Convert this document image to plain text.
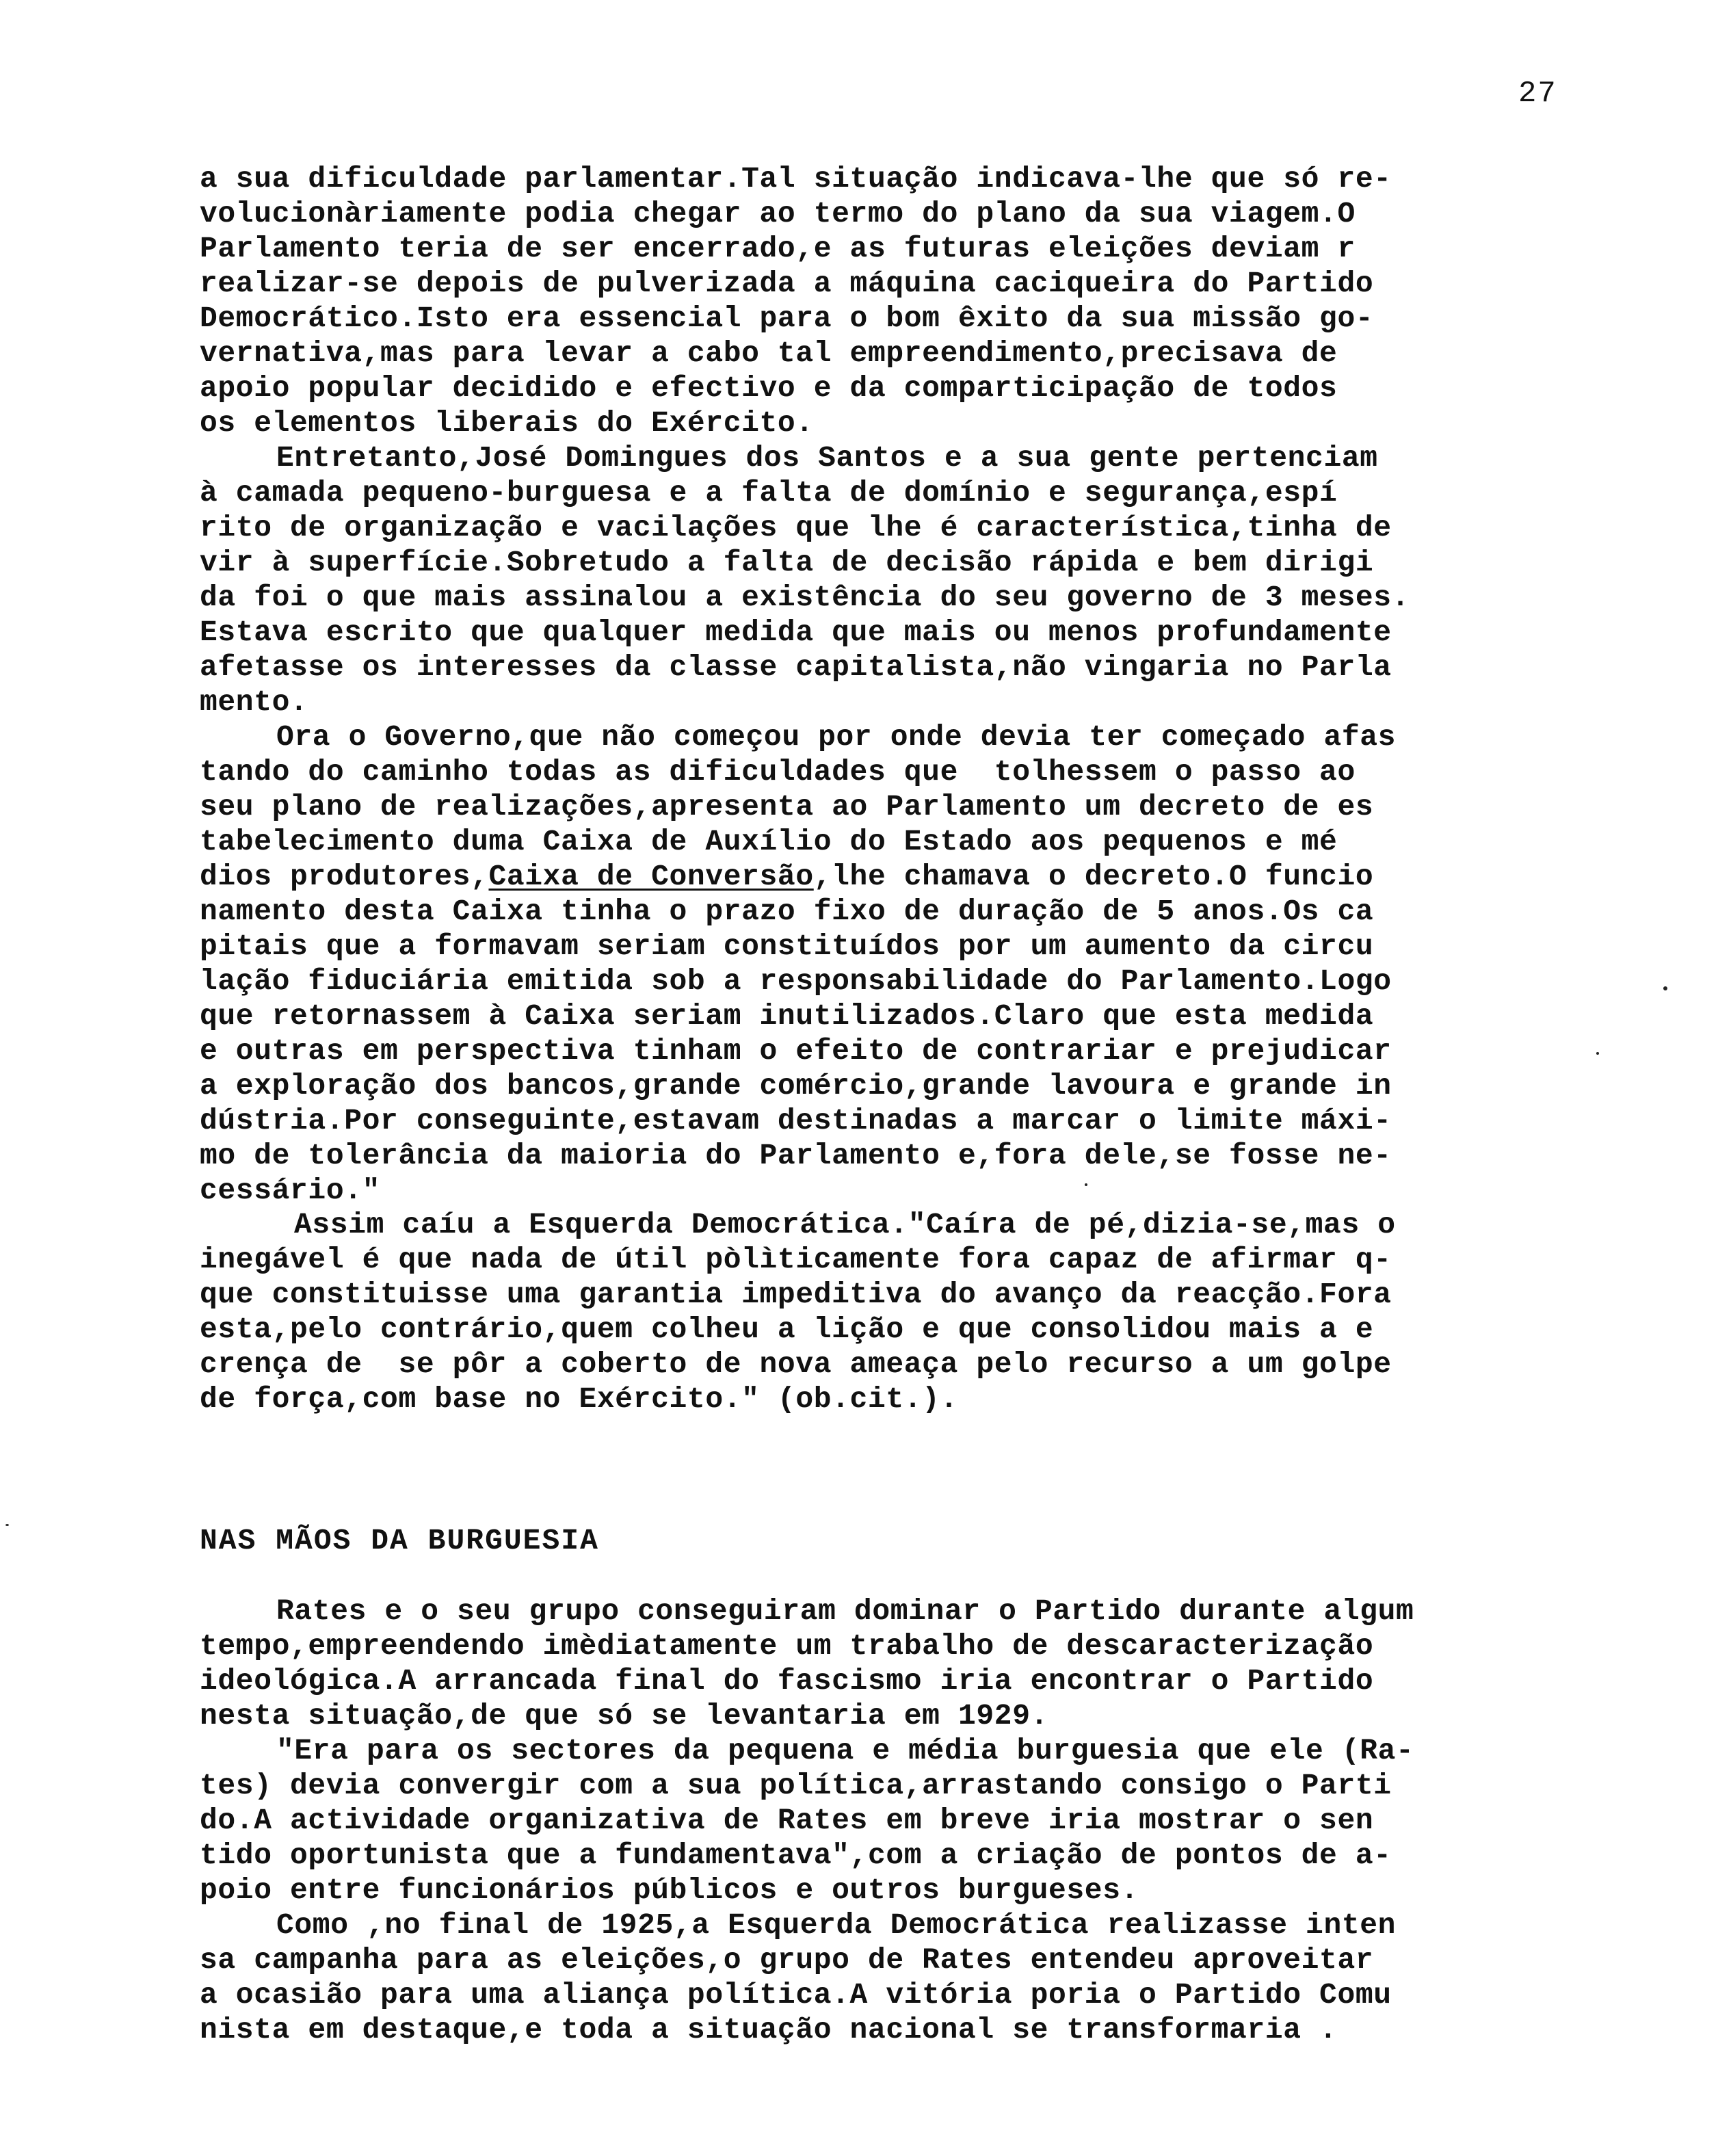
27
a sua dificuldade parlamentar.Tal situação indicava-lhe que só re-
volucionàriamente podia chegar ao termo do plano da sua viagem.O
Parlamento teria de ser encerrado,e as futuras eleições deviam r
realizar-se depois de pulverizada a máquina caciqueira do Partido
Democrático.Isto era essencial para o bom êxito da sua missão go-
vernativa,mas para levar a cabo tal empreendimento,precisava de
apoio popular decidido e efectivo e da comparticipação de todos
os elementos liberais do Exército.
Entretanto,José Domingues dos Santos e a sua gente pertenciam
à camada pequeno-burguesa e a falta de domínio e segurança,espí
rito de organização e vacilações que lhe é característica,tinha de
vir à superfície.Sobretudo a falta de decisão rápida e bem dirigi
da foi o que mais assinalou a existência do seu governo de 3 meses.
Estava escrito que qualquer medida que mais ou menos profundamente
afetasse os interesses da classe capitalista,não vingaria no Parla
mento.
Ora o Governo,que não começou por onde devia ter começado afas
tando do caminho todas as dificuldades que  tolhessem o passo ao
seu plano de realizações,apresenta ao Parlamento um decreto de es
tabelecimento duma Caixa de Auxílio do Estado aos pequenos e mé
dios produtores,Caixa de Conversão,lhe chamava o decreto.O funcio
namento desta Caixa tinha o prazo fixo de duração de 5 anos.Os ca
pitais que a formavam seriam constituídos por um aumento da circu
lação fiduciária emitida sob a responsabilidade do Parlamento.Logo
que retornassem à Caixa seriam inutilizados.Claro que esta medida
e outras em perspectiva tinham o efeito de contrariar e prejudicar
a exploração dos bancos,grande comércio,grande lavoura e grande in
dústria.Por conseguinte,estavam destinadas a marcar o limite máxi-
mo de tolerância da maioria do Parlamento e,fora dele,se fosse ne-
cessário."
Assim caíu a Esquerda Democrática."Caíra de pé,dizia-se,mas o
inegável é que nada de útil pòlìticamente fora capaz de afirmar q-
que constituisse uma garantia impeditiva do avanço da reacção.Fora
esta,pelo contrário,quem colheu a lição e que consolidou mais a e
crença de  se pôr a coberto de nova ameaça pelo recurso a um golpe
de força,com base no Exército." (ob.cit.).
NAS MÃOS DA BURGUESIA
Rates e o seu grupo conseguiram dominar o Partido durante algum
tempo,empreendendo imèdiatamente um trabalho de descaracterização
ideológica.A arrancada final do fascismo iria encontrar o Partido
nesta situação,de que só se levantaria em 1929.
"Era para os sectores da pequena e média burguesia que ele (Ra-
tes) devia convergir com a sua política,arrastando consigo o Parti
do.A actividade organizativa de Rates em breve iria mostrar o sen
tido oportunista que a fundamentava",com a criação de pontos de a-
poio entre funcionários públicos e outros burgueses.
Como ,no final de 1925,a Esquerda Democrática realizasse inten
sa campanha para as eleições,o grupo de Rates entendeu aproveitar
a ocasião para uma aliança política.A vitória poria o Partido Comu
nista em destaque,e toda a situação nacional se transformaria .
